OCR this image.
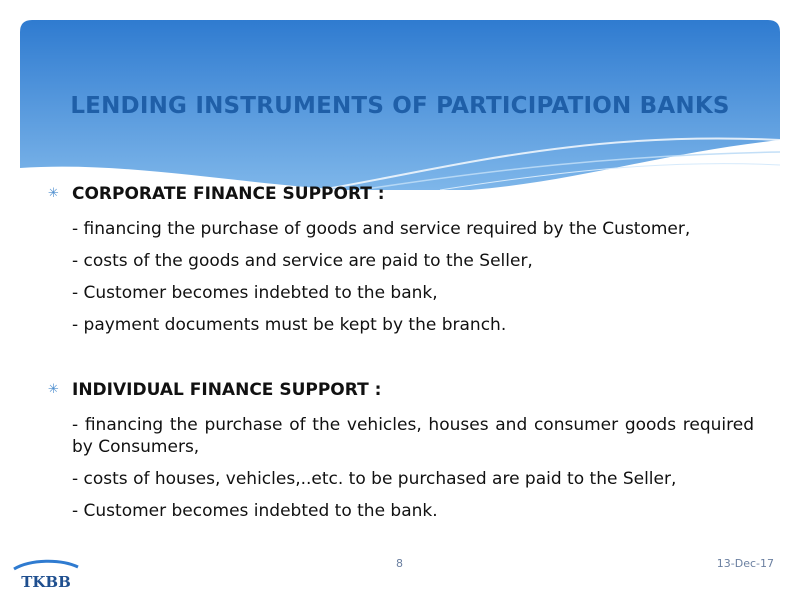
LENDING INSTRUMENTS OF PARTICIPATION BANKS
✳ CORPORATE FINANCE SUPPORT :
- financing the purchase of goods and service required by the Customer,
- costs of the goods and service are paid to the Seller,
- Customer becomes indebted to the bank,
- payment documents must be kept by the branch.
✳ INDIVIDUAL FINANCE SUPPORT :
- financing the purchase of the vehicles, houses and consumer goods required by Consumers,
- costs of houses, vehicles,..etc. to be purchased are paid to the Seller,
- Customer becomes indebted to the bank.
TKBB
8	13-Dec-17
